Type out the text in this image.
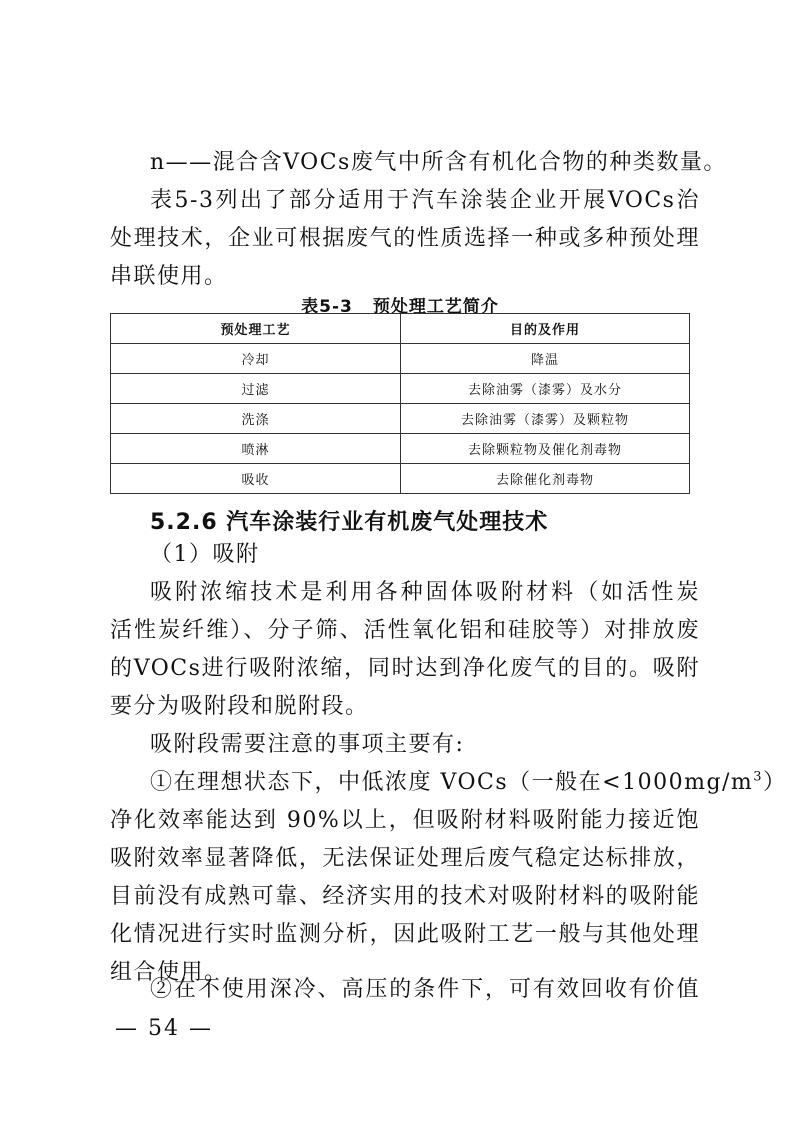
n——混合含VOCs废气中所含有机化合物的种类数量。
表5-3列出了部分适用于汽车涂装企业开展VOCs治
处理技术，企业可根据废气的性质选择一种或多种预处理
串联使用。
表5-3 预处理工艺简介
预处理工艺	目的及作用
冷却	降温
过滤	去除油雾（漆雾）及水分
洗涤	去除油雾（漆雾）及颗粒物
喷淋	去除颗粒物及催化剂毒物
吸收	去除催化剂毒物
5.2.6 汽车涂装行业有机废气处理技术
（1）吸附
吸附浓缩技术是利用各种固体吸附材料（如活性炭
活性炭纤维）、分子筛、活性氧化铝和硅胶等）对排放废
的VOCs进行吸附浓缩，同时达到净化废气的目的。吸附
要分为吸附段和脱附段。
吸附段需要注意的事项主要有:
①在理想状态下，中低浓度 VOCs（一般在$<1000mg/m^3$）
净化效率能达到 90%以上，但吸附材料吸附能力接近饱
吸附效率显著降低，无法保证处理后废气稳定达标排放，
目前没有成熟可靠、经济实用的技术对吸附材料的吸附能
化情况进行实时监测分析，因此吸附工艺一般与其他处理
组合使用。
②在不使用深冷、高压的条件下，可有效回收有价值
— 54 —
